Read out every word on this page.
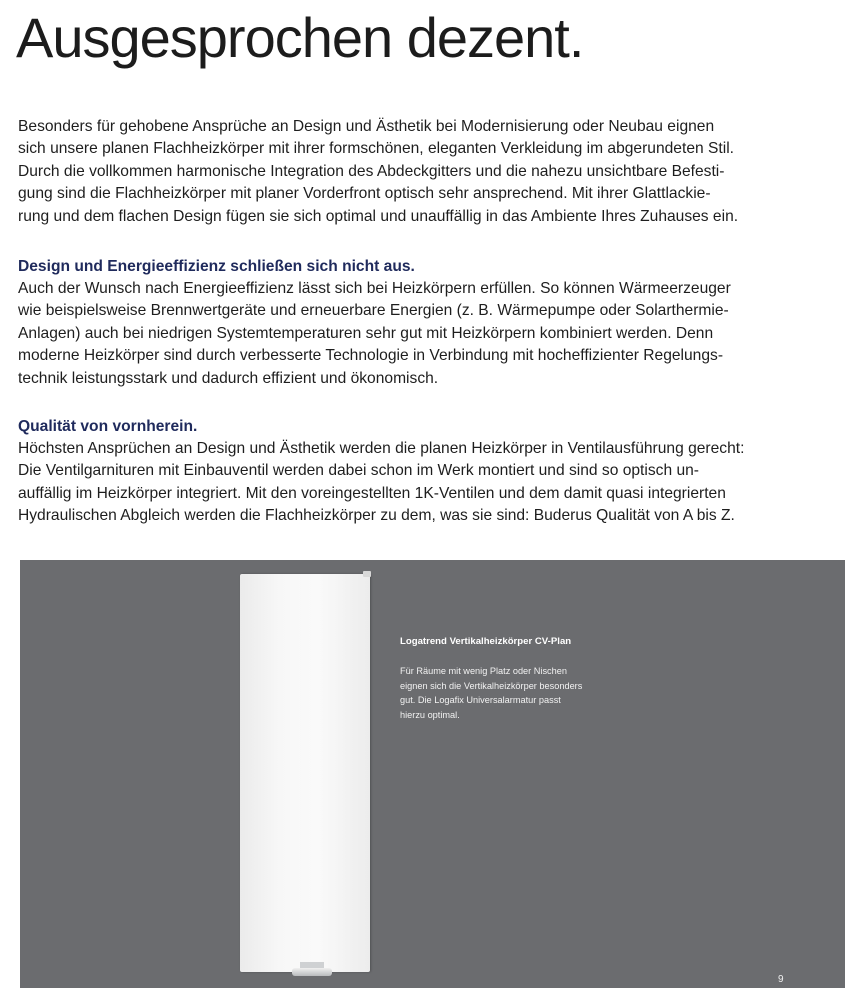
Ausgesprochen dezent.
Besonders für gehobene Ansprüche an Design und Ästhetik bei Modernisierung oder Neubau eignen
sich unsere planen Flachheizkörper mit ihrer formschönen, eleganten Verkleidung im abgerundeten Stil.
Durch die vollkommen harmonische Integration des Abdeckgitters und die nahezu unsichtbare Befesti-
gung sind die Flachheizkörper mit planer Vorderfront optisch sehr ansprechend. Mit ihrer Glattlackie-
rung und dem flachen Design fügen sie sich optimal und unauffällig in das Ambiente Ihres Zuhauses ein.
Design und Energieeffizienz schließen sich nicht aus.
Auch der Wunsch nach Energieeffizienz lässt sich bei Heizkörpern erfüllen. So können Wärmeerzeuger
wie beispielsweise Brennwertgeräte und erneuerbare Energien (z. B. Wärmepumpe oder Solarthermie-
Anlagen) auch bei niedrigen Systemtemperaturen sehr gut mit Heizkörpern kombiniert werden. Denn
moderne Heizkörper sind durch verbesserte Technologie in Verbindung mit hocheffizienter Regelungs-
technik leistungsstark und dadurch effizient und ökonomisch.
Qualität von vornherein.
Höchsten Ansprüchen an Design und Ästhetik werden die planen Heizkörper in Ventilausführung gerecht:
Die Ventilgarnituren mit Einbauventil werden dabei schon im Werk montiert und sind so optisch un-
auffällig im Heizkörper integriert. Mit den voreingestellten 1K-Ventilen und dem damit quasi integrierten
Hydraulischen Abgleich werden die Flachheizkörper zu dem, was sie sind: Buderus Qualität von A bis Z.

Logatrend Vertikalheizkörper CV-Plan

Für Räume mit wenig Platz oder Nischen
eignen sich die Vertikalheizkörper besonders
gut. Die Logafix Universalarmatur passt
hierzu optimal.
9
